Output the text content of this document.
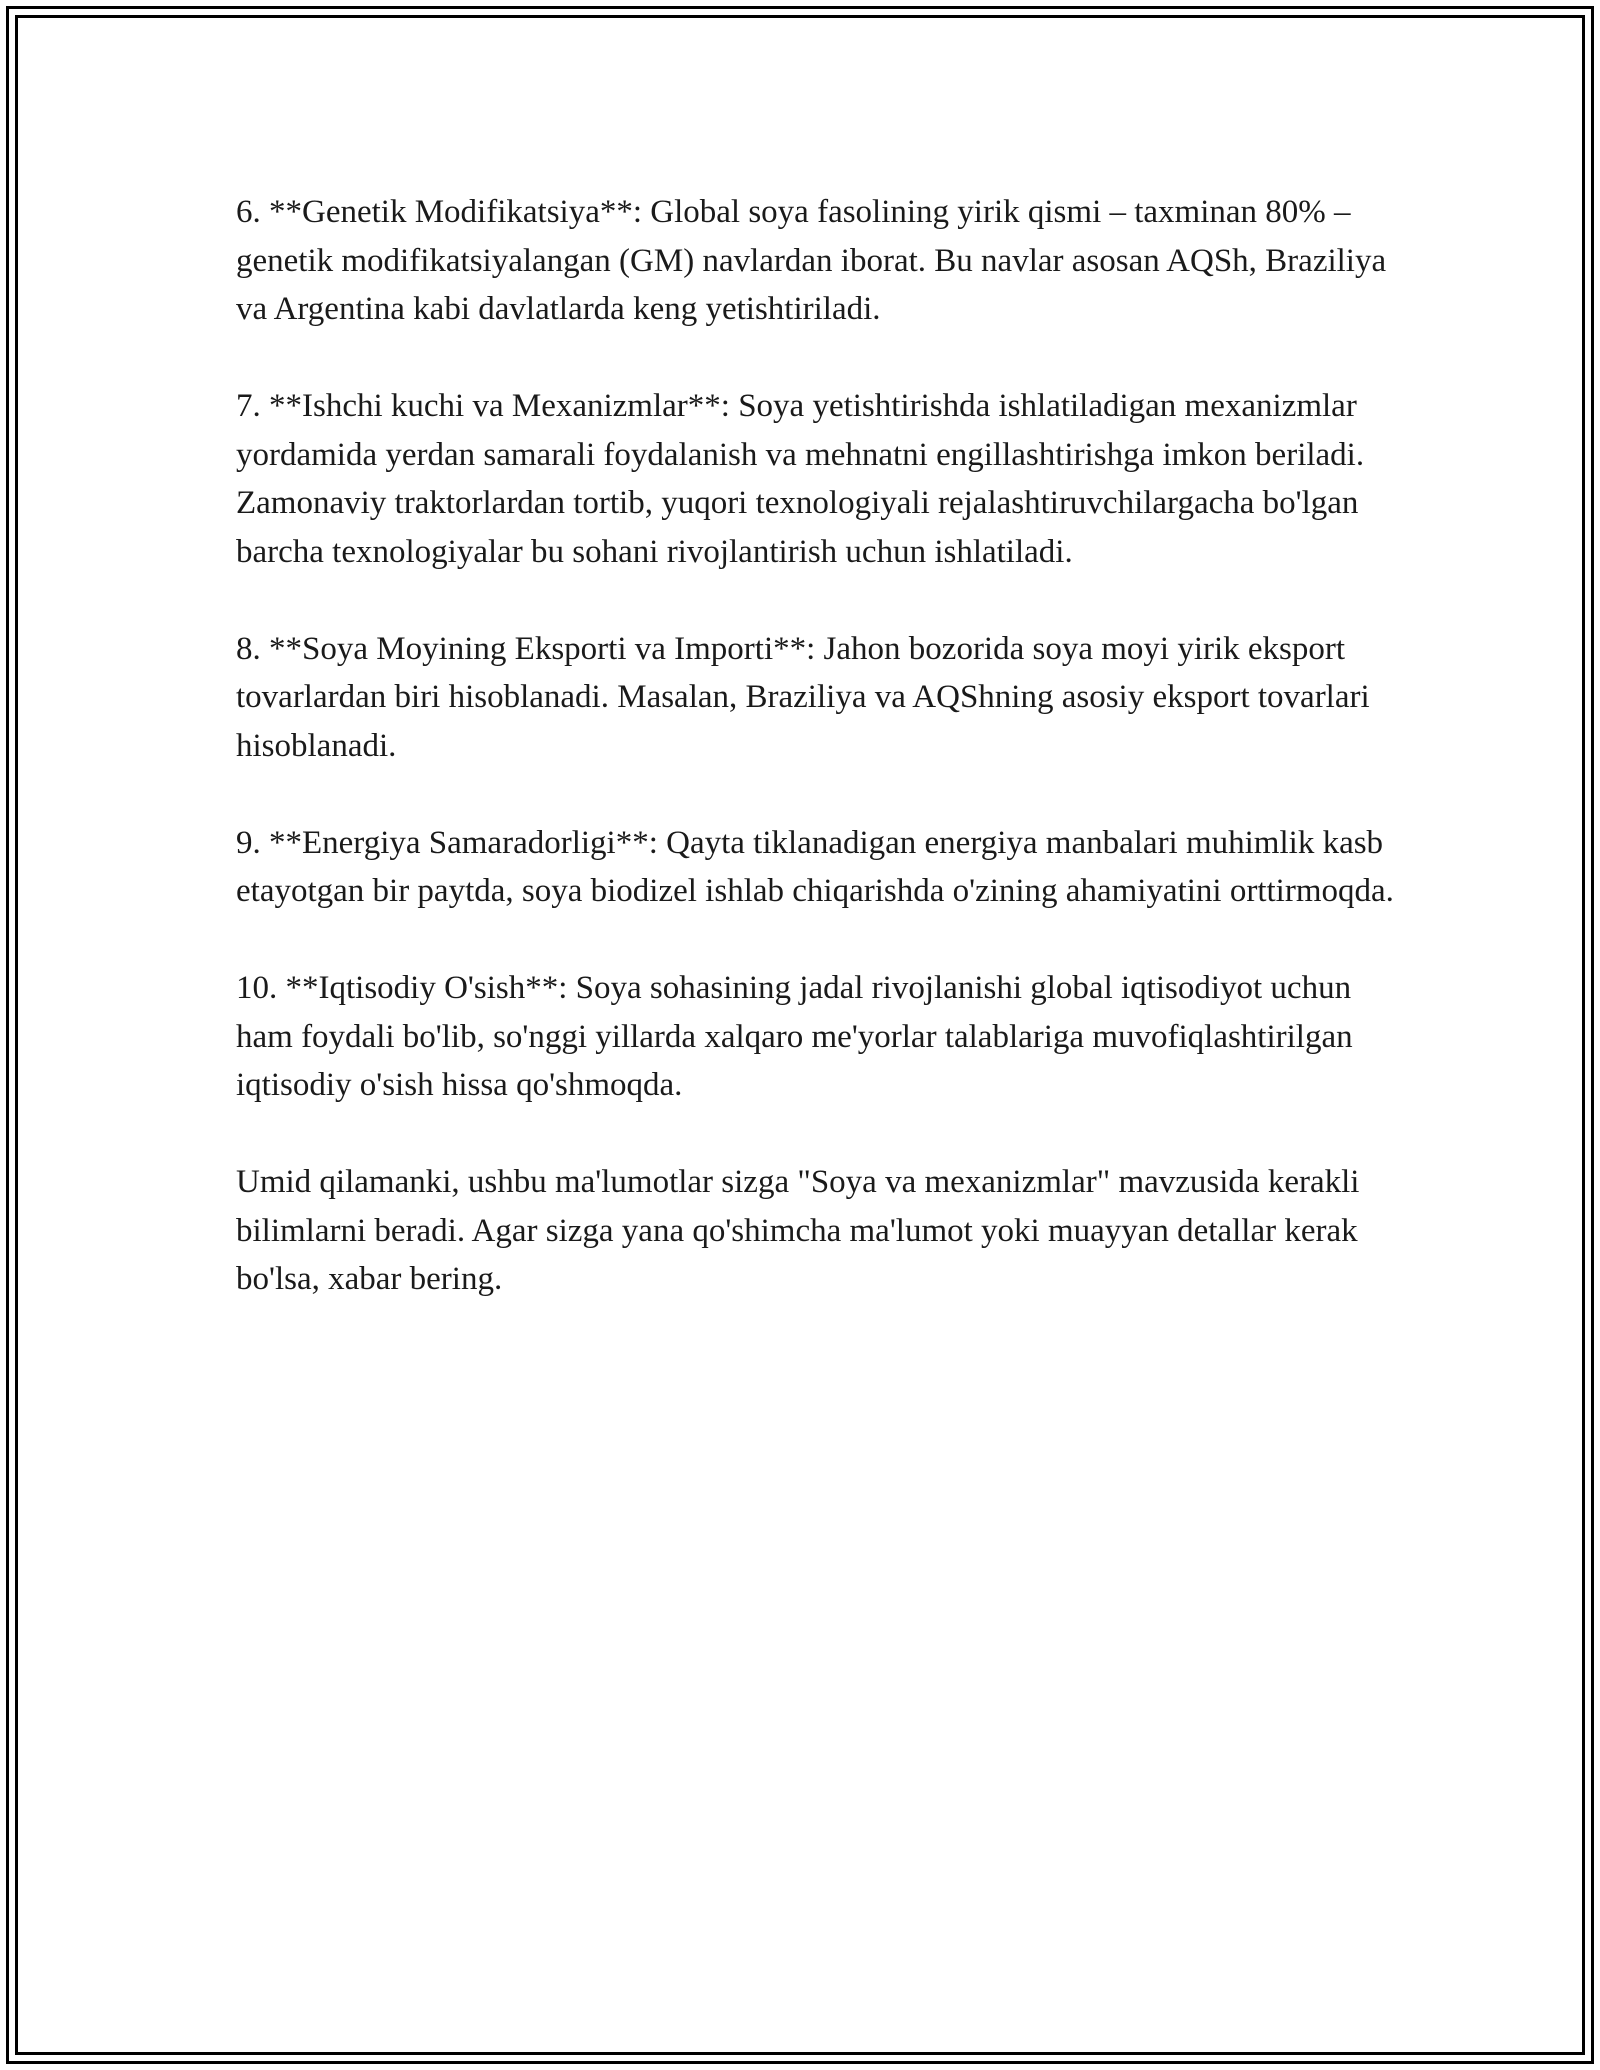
6. **Genetik Modifikatsiya**: Global soya fasolining yirik qismi – taxminan 80% – genetik modifikatsiyalangan (GM) navlardan iborat. Bu navlar asosan AQSh, Braziliya va Argentina kabi davlatlarda keng yetishtiriladi.

7. **Ishchi kuchi va Mexanizmlar**: Soya yetishtirishda ishlatiladigan mexanizmlar yordamida yerdan samarali foydalanish va mehnatni engillashtirishga imkon beriladi. Zamonaviy traktorlardan tortib, yuqori texnologiyali rejalashtiruvchilargacha bo'lgan barcha texnologiyalar bu sohani rivojlantirish uchun ishlatiladi.

8. **Soya Moyining Eksporti va Importi**: Jahon bozorida soya moyi yirik eksport tovarlardan biri hisoblanadi. Masalan, Braziliya va AQShning asosiy eksport tovarlari hisoblanadi.

9. **Energiya Samaradorligi**: Qayta tiklanadigan energiya manbalari muhimlik kasb etayotgan bir paytda, soya biodizel ishlab chiqarishda o'zining ahamiyatini orttirmoqda.

10. **Iqtisodiy O'sish**: Soya sohasining jadal rivojlanishi global iqtisodiyot uchun ham foydali bo'lib, so'nggi yillarda xalqaro me'yorlar talablariga muvofiqlashtirilgan iqtisodiy o'sish hissa qo'shmoqda.

Umid qilamanki, ushbu ma'lumotlar sizga "Soya va mexanizmlar" mavzusida kerakli bilimlarni beradi. Agar sizga yana qo'shimcha ma'lumot yoki muayyan detallar kerak bo'lsa, xabar bering.
